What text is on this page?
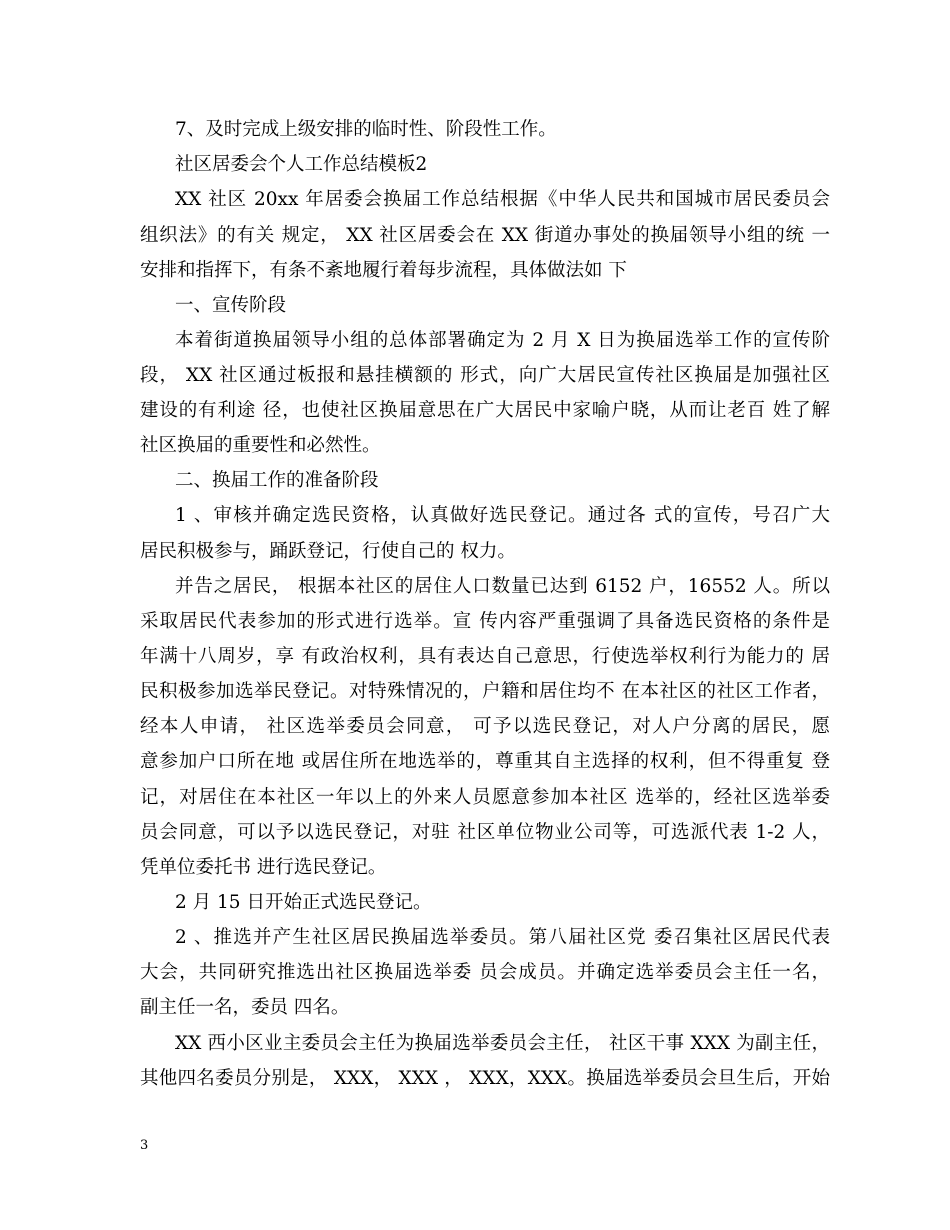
7、及时完成上级安排的临时性、阶段性工作。
社区居委会个人工作总结模板2
XX 社区 20xx 年居委会换届工作总结根据《中华人民共和国城市居民委员会
组织法》的有关 规定， XX 社区居委会在 XX 街道办事处的换届领导小组的统 一
安排和指挥下，有条不紊地履行着每步流程，具体做法如 下
一、宣传阶段
本着街道换届领导小组的总体部署确定为 2 月 X 日为换届选举工作的宣传阶
段， XX 社区通过板报和悬挂横额的 形式，向广大居民宣传社区换届是加强社区
建设的有利途 径，也使社区换届意思在广大居民中家喻户晓，从而让老百 姓了解
社区换届的重要性和必然性。
二、换届工作的准备阶段
1 、审核并确定选民资格，认真做好选民登记。通过各 式的宣传，号召广大
居民积极参与，踊跃登记，行使自己的 权力。
并告之居民， 根据本社区的居住人口数量已达到 6152 户，16552 人。所以
采取居民代表参加的形式进行选举。宣 传内容严重强调了具备选民资格的条件是
年满十八周岁，享 有政治权利，具有表达自己意思，行使选举权利行为能力的 居
民积极参加选举民登记。对特殊情况的，户籍和居住均不 在本社区的社区工作者，
经本人申请， 社区选举委员会同意， 可予以选民登记，对人户分离的居民，愿
意参加户口所在地 或居住所在地选举的，尊重其自主选择的权利，但不得重复 登
记，对居住在本社区一年以上的外来人员愿意参加本社区 选举的，经社区选举委
员会同意，可以予以选民登记，对驻 社区单位物业公司等，可选派代表 1-2 人，
凭单位委托书 进行选民登记。
2 月 15 日开始正式选民登记。
2 、推选并产生社区居民换届选举委员。第八届社区党 委召集社区居民代表
大会，共同研究推选出社区换届选举委 员会成员。并确定选举委员会主任一名，
副主任一名，委员 四名。
XX 西小区业主委员会主任为换届选举委员会主任， 社区干事 XXX 为副主任，
其他四名委员分别是， XXX， XXX ， XXX，XXX。换届选举委员会旦生后，开始
3
